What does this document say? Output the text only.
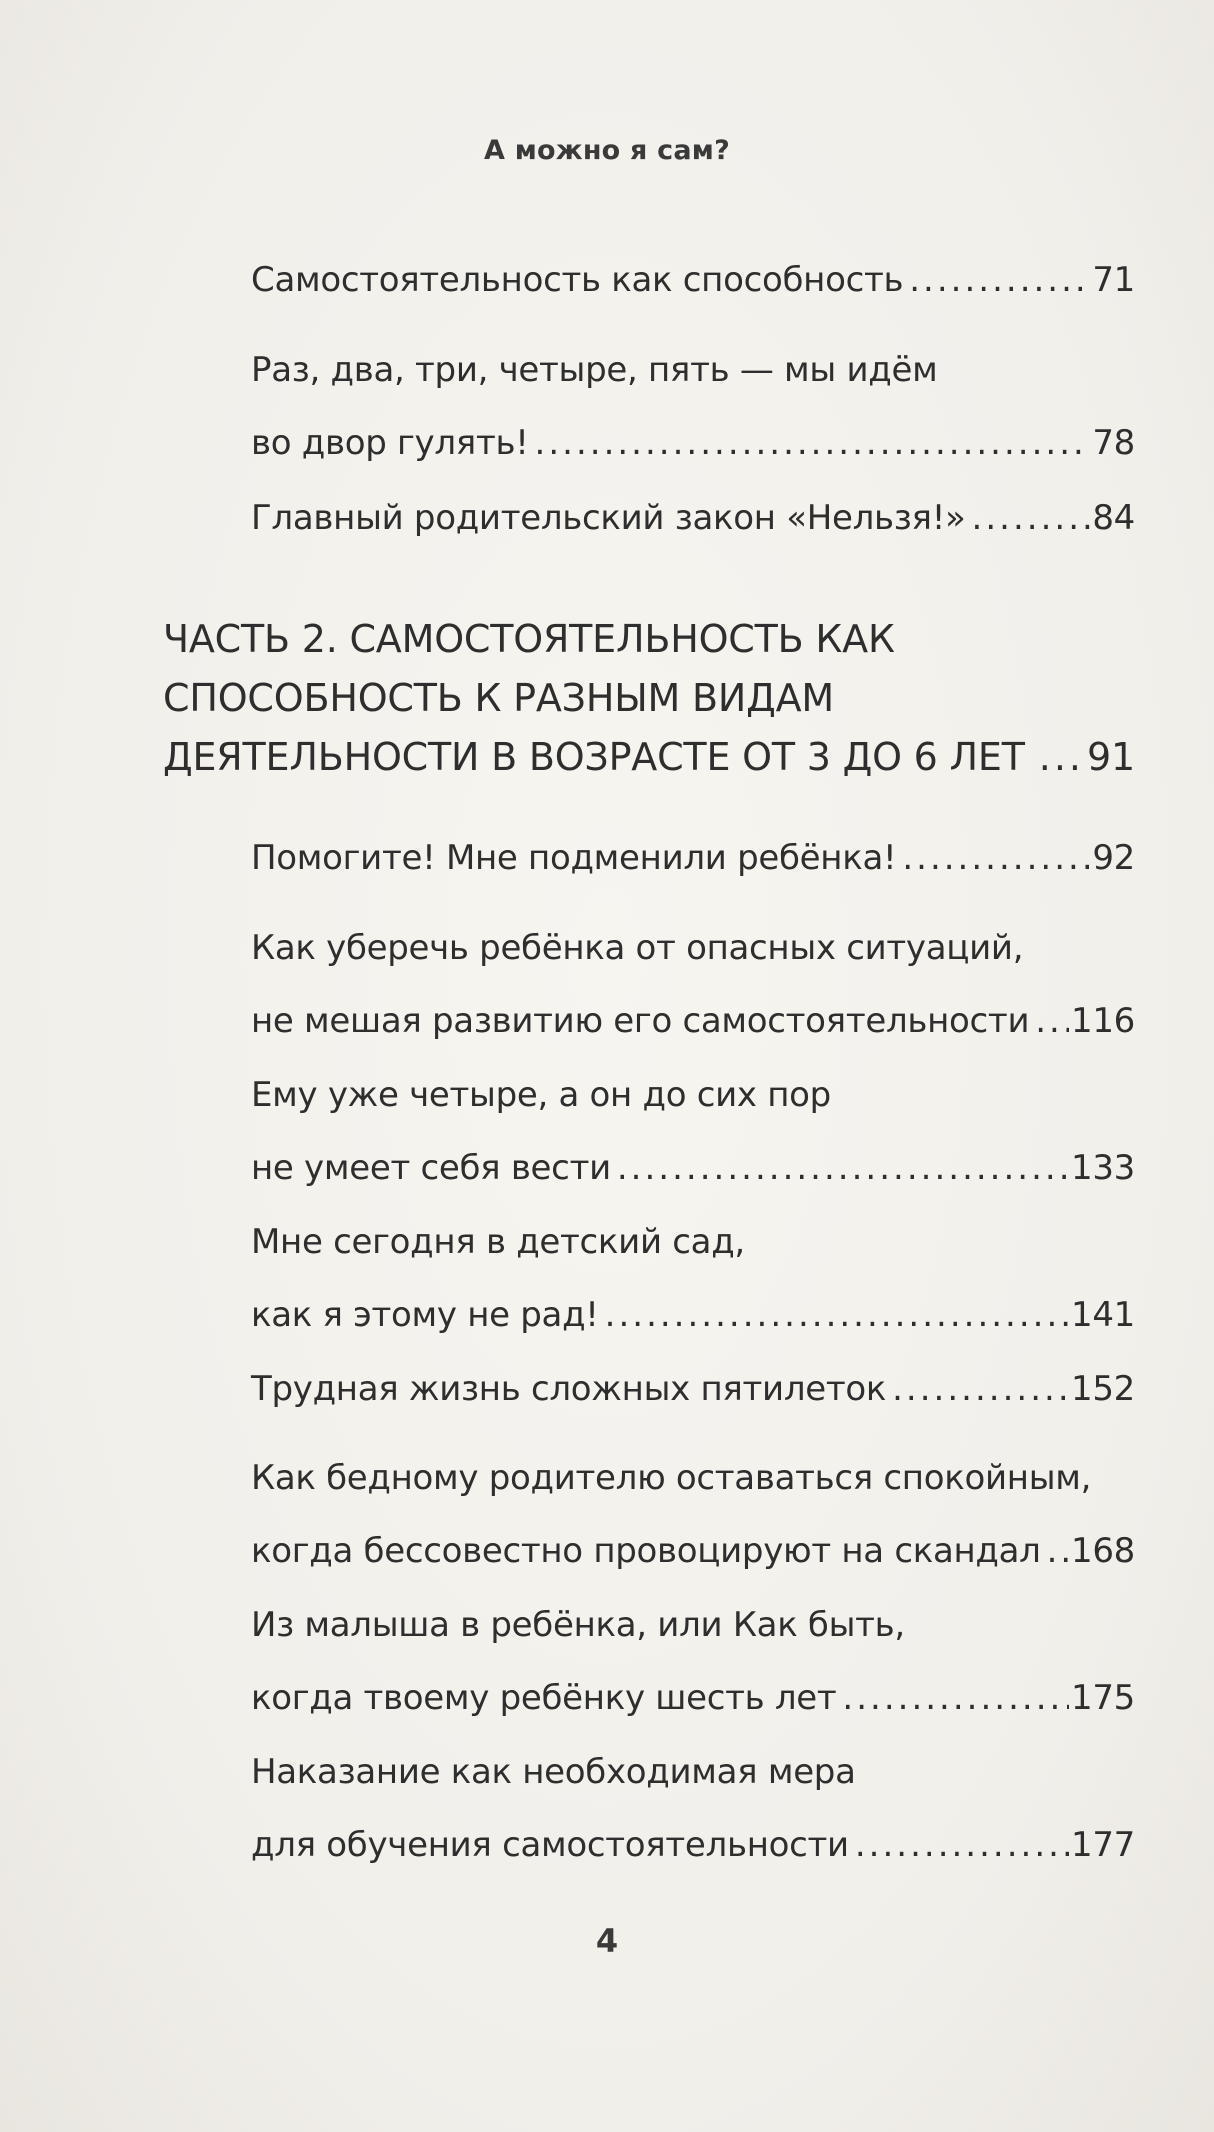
А можно я сам?
Самостоятельность как способность .....	71
Раз, два, три, четыре, пять — мы идём
во двор гулять! .....	78
Главный родительский закон «Нельзя!» .....	84
ЧАСТЬ 2. САМОСТОЯТЕЛЬНОСТЬ КАК
СПОСОБНОСТЬ К РАЗНЫМ ВИДАМ
ДЕЯТЕЛЬНОСТИ В ВОЗРАСТЕ ОТ 3 ДО 6 ЛЕТ ..... 91
Помогите! Мне подменили ребёнка! .....	92
Как уберечь ребёнка от опасных ситуаций,
не мешая развитию его самостоятельности ..... 116
Ему уже четыре, а он до сих пор
не умеет себя вести .....	133
Мне сегодня в детский сад,
как я этому не рад! .....	141
Трудная жизнь сложных пятилеток .....	152
Как бедному родителю оставаться спокойным,
когда бессовестно провоцируют на скандал ..... 168
Из малыша в ребёнка, или Как быть,
когда твоему ребёнку шесть лет .....	175
Наказание как необходимая мера
для обучения самостоятельности .....	177
4
